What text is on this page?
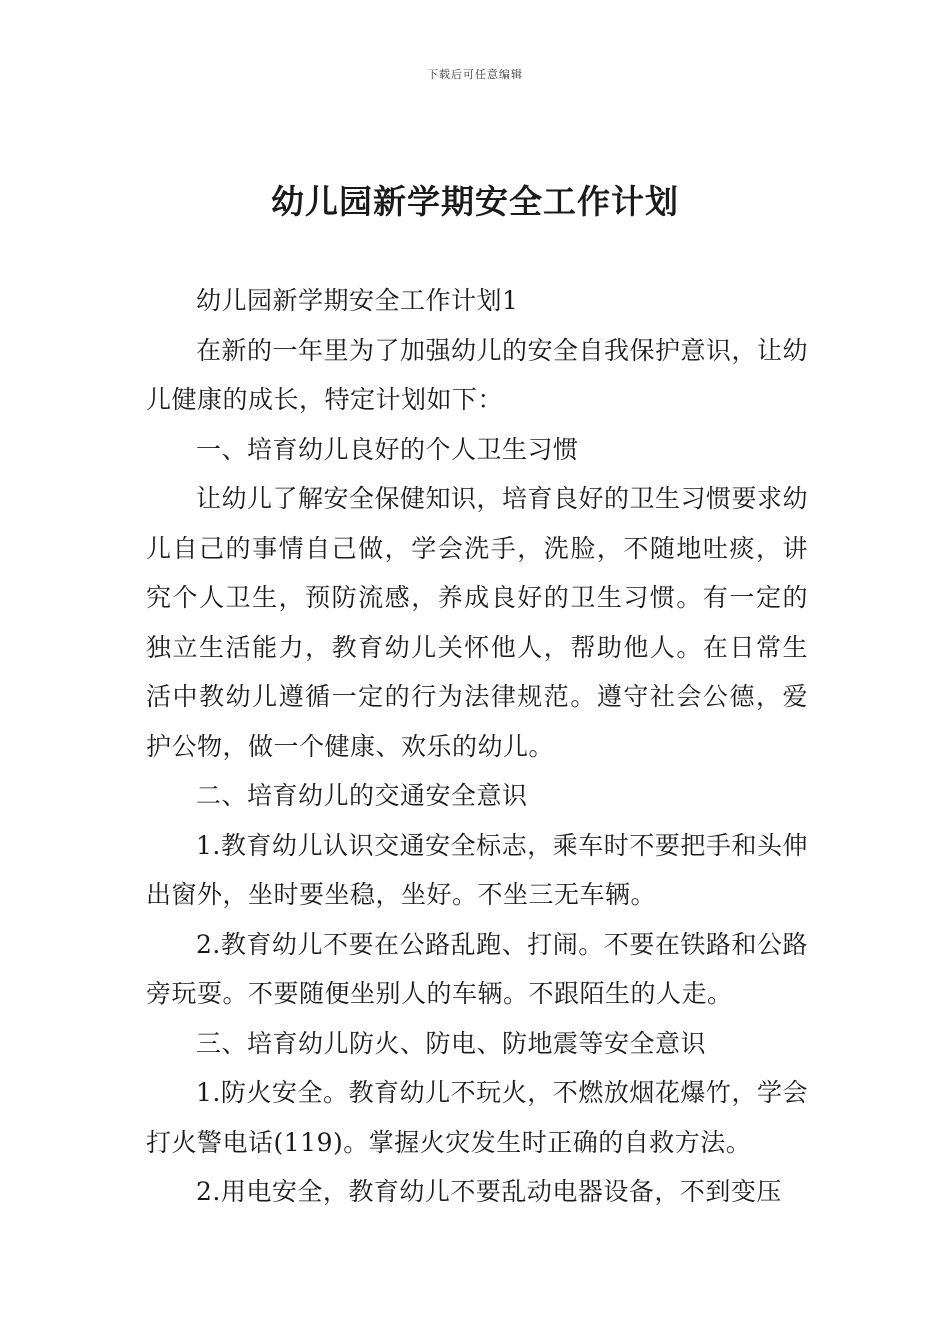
下载后可任意编辑
幼儿园新学期安全工作计划

幼儿园新学期安全工作计划1

在新的一年里为了加强幼儿的安全自我保护意识，让幼儿健康的成长，特定计划如下：

一、培育幼儿良好的个人卫生习惯

让幼儿了解安全保健知识，培育良好的卫生习惯要求幼儿自己的事情自己做，学会洗手，洗脸，不随地吐痰，讲究个人卫生，预防流感，养成良好的卫生习惯。有一定的独立生活能力，教育幼儿关怀他人，帮助他人。在日常生活中教幼儿遵循一定的行为法律规范。遵守社会公德，爱护公物，做一个健康、欢乐的幼儿。

二、培育幼儿的交通安全意识

1.教育幼儿认识交通安全标志，乘车时不要把手和头伸出窗外，坐时要坐稳，坐好。不坐三无车辆。

2.教育幼儿不要在公路乱跑、打闹。不要在铁路和公路旁玩耍。不要随便坐别人的车辆。不跟陌生的人走。

三、培育幼儿防火、防电、防地震等安全意识

1.防火安全。教育幼儿不玩火，不燃放烟花爆竹，学会打火警电话(119)。掌握火灾发生时正确的自救方法。

2.用电安全，教育幼儿不要乱动电器设备，不到变压
